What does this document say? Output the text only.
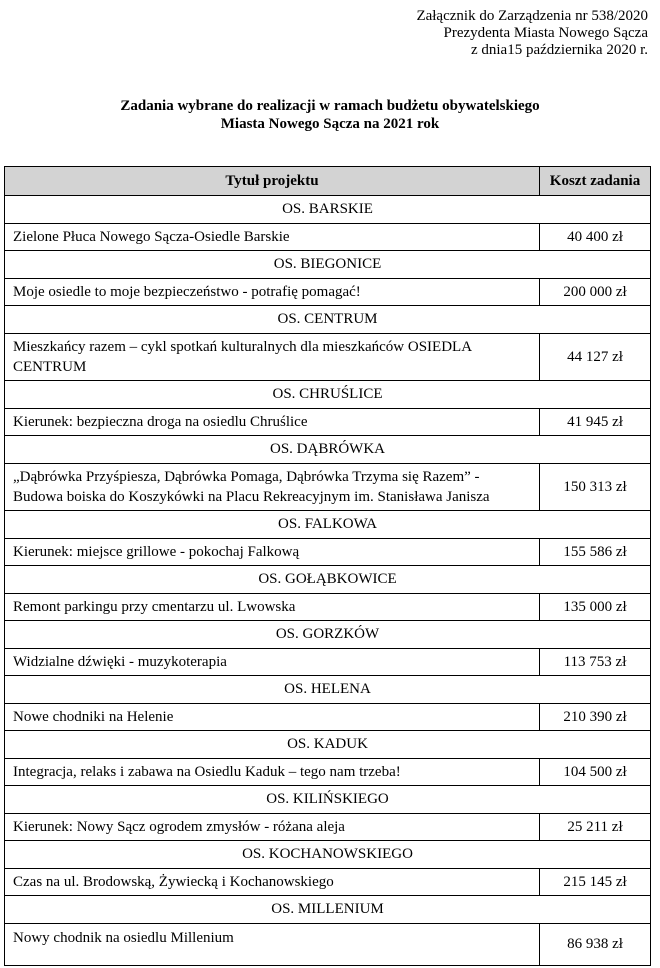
Załącznik do Zarządzenia nr 538/2020
Prezydenta Miasta Nowego Sącza
z dnia15 października 2020 r.
Zadania wybrane do realizacji w ramach budżetu obywatelskiego
Miasta Nowego Sącza na 2021 rok
Tytuł projektu	Koszt zadania
OS. BARSKIE	
Zielone Płuca Nowego Sącza-Osiedle Barskie	40 400 zł
OS. BIEGONICE	
Moje osiedle to moje bezpieczeństwo - potrafię pomagać!	200 000 zł
OS. CENTRUM	
Mieszkańcy razem – cykl spotkań kulturalnych dla mieszkańców OSIEDLA CENTRUM	44 127 zł
OS. CHRUŚLICE	
Kierunek: bezpieczna droga na osiedlu Chruślice	41 945 zł
OS. DĄBRÓWKA	
„Dąbrówka Przyśpiesza, Dąbrówka Pomaga, Dąbrówka Trzyma się Razem” - Budowa boiska do Koszykówki na Placu Rekreacyjnym im. Stanisława Janisza	150 313 zł
OS. FALKOWA	
Kierunek: miejsce grillowe - pokochaj Falkową	155 586 zł
OS. GOŁĄBKOWICE	
Remont parkingu przy cmentarzu ul. Lwowska	135 000 zł
OS. GORZKÓW	
Widzialne dźwięki - muzykoterapia	113 753 zł
OS. HELENA	
Nowe chodniki na Helenie	210 390 zł
OS. KADUK	
Integracja, relaks i zabawa na Osiedlu Kaduk – tego nam trzeba!	104 500 zł
OS. KILIŃSKIEGO	
Kierunek: Nowy Sącz ogrodem zmysłów - różana aleja	25 211 zł
OS. KOCHANOWSKIEGO	
Czas na ul. Brodowską, Żywiecką i Kochanowskiego	215 145 zł
OS. MILLENIUM	
Nowy chodnik na osiedlu Millenium	86 938 zł
